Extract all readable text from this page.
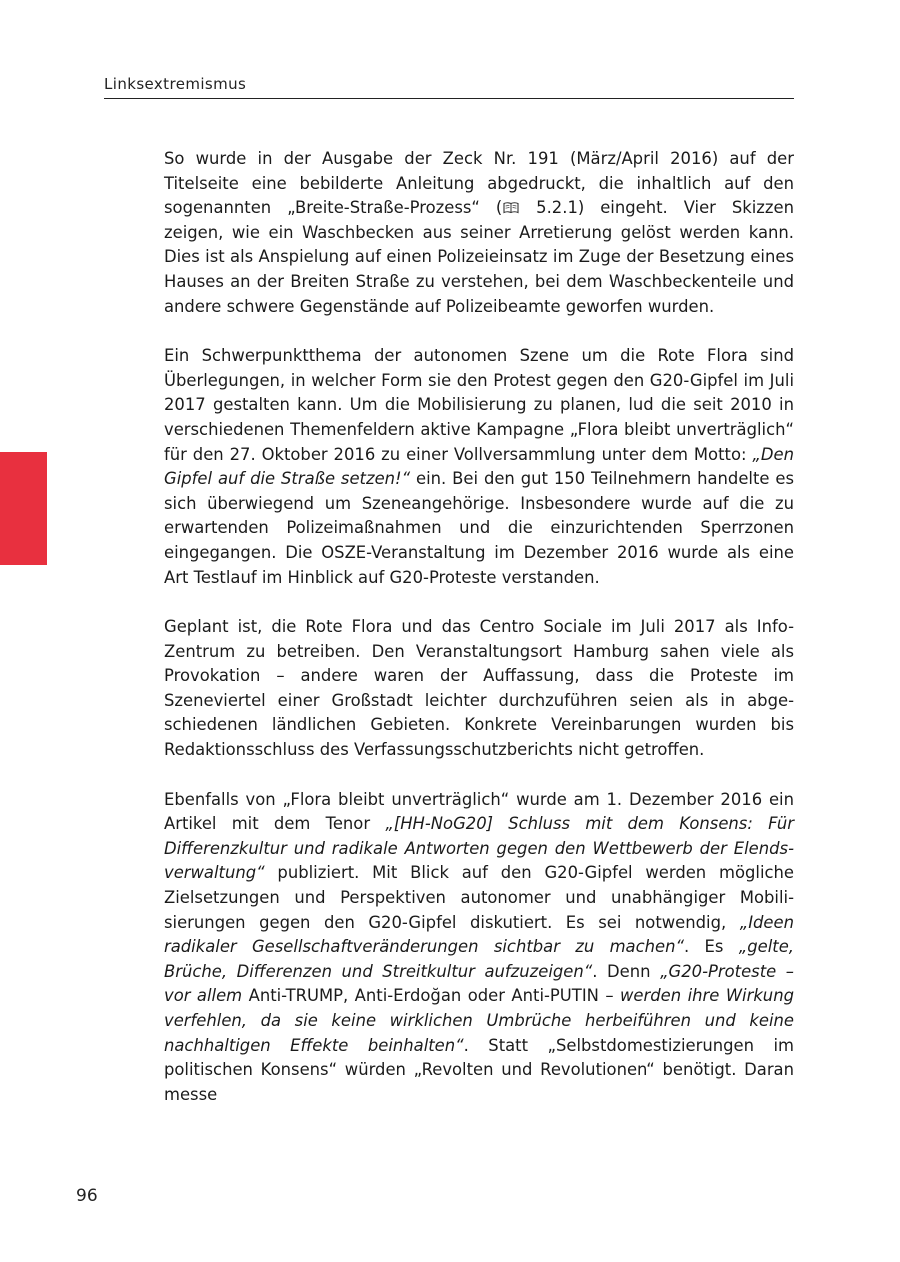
Linksextremismus

So wurde in der Ausgabe der Zeck Nr. 191 (März/April 2016) auf der Titelseite eine bebilderte Anleitung abgedruckt, die inhaltlich auf den sogenannten „Breite-Straße-Prozess“ ( 5.2.1) eingeht. Vier Skizzen zeigen, wie ein Waschbecken aus seiner Arretierung gelöst werden kann. Dies ist als Anspielung auf einen Polizeieinsatz im Zuge der Besetzung eines Hauses an der Breiten Straße zu verstehen, bei dem Waschbeckenteile und andere schwere Gegenstände auf Polizeibeamte geworfen wurden.

Ein Schwerpunktthema der autonomen Szene um die Rote Flora sind Überlegungen, in welcher Form sie den Protest gegen den G20-Gipfel im Juli 2017 gestalten kann. Um die Mobilisierung zu planen, lud die seit 2010 in verschiedenen Themenfeldern aktive Kampagne „Flora bleibt unverträglich“ für den 27. Oktober 2016 zu einer Vollversammlung unter dem Motto: „Den Gipfel auf die Straße setzen!“ ein. Bei den gut 150 Teilnehmern handelte es sich überwiegend um Szeneangehörige. Insbesondere wurde auf die zu erwartenden Polizeimaßnahmen und die einzurichtenden Sperrzonen eingegangen. Die OSZE-Veranstaltung im Dezember 2016 wurde als eine Art Testlauf im Hinblick auf G20-Proteste verstanden.

Geplant ist, die Rote Flora und das Centro Sociale im Juli 2017 als Info-Zentrum zu betreiben. Den Veranstaltungsort Hamburg sahen viele als Provokation – andere waren der Auffassung, dass die Proteste im Szeneviertel einer Großstadt leichter durchzuführen seien als in abgeschiedenen ländlichen Gebieten. Konkrete Vereinbarungen wurden bis Redaktionsschluss des Verfassungsschutzberichts nicht getroffen.

Ebenfalls von „Flora bleibt unverträglich“ wurde am 1. Dezember 2016 ein Artikel mit dem Tenor „[HH-NoG20] Schluss mit dem Konsens: Für Differenzkultur und radikale Antworten gegen den Wettbewerb der Elendsverwaltung“ publiziert. Mit Blick auf den G20-Gipfel werden mögliche Zielsetzungen und Perspektiven autonomer und unabhängiger Mobilisierungen gegen den G20-Gipfel diskutiert. Es sei notwendig, „Ideen radikaler Gesellschaftveränderungen sichtbar zu machen“. Es „gelte, Brüche, Differenzen und Streitkultur aufzuzeigen“. Denn „G20-Proteste – vor allem Anti-TRUMP, Anti-Erdoğan oder Anti-PUTIN – werden ihre Wirkung verfehlen, da sie keine wirklichen Umbrüche herbeiführen und keine nachhaltigen Effekte beinhalten“. Statt „Selbstdomestizierungen im politischen Konsens“ würden „Revolten und Revolutionen“ benötigt. Daran messe

96
